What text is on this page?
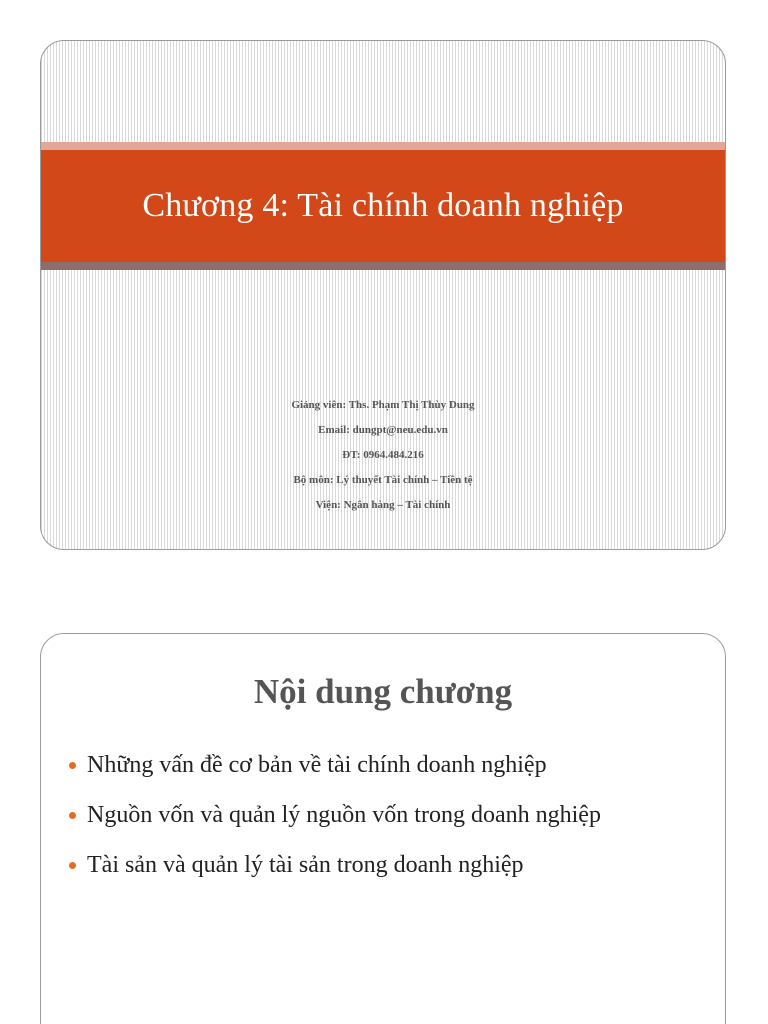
Chương 4: Tài chính doanh nghiệp

Giảng viên: Ths. Phạm Thị Thùy Dung

Email: dungpt@neu.edu.vn

ĐT: 0964.484.216

Bộ môn: Lý thuyết Tài chính – Tiền tệ

Viện: Ngân hàng – Tài chính

Nội dung chương
Những vấn đề cơ bản về tài chính doanh nghiệp
Nguồn vốn và quản lý nguồn vốn trong doanh nghiệp
Tài sản và quản lý tài sản trong doanh nghiệp
